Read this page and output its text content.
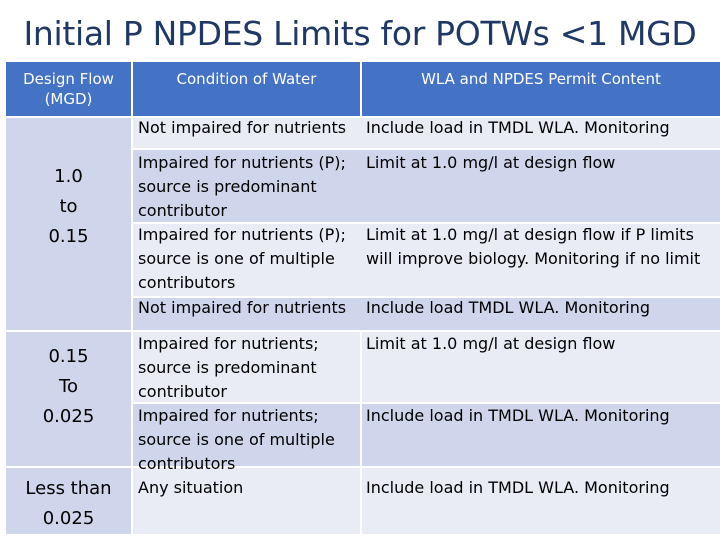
Initial P NPDES Limits for POTWs <1 MGD
Design Flow
(MGD)
Condition of Water	WLA and NPDES Permit Content
1.0
to
0.15
0.15
To
0.025
Less than
0.025
Not impaired for nutrients Include load in TMDL WLA. Monitoring
Impaired for nutrients (P);
source is predominant
contributor
Limit at 1.0 mg/l at design flow
Impaired for nutrients (P);
source is one of multiple
contributors
Limit at 1.0 mg/l at design flow if P limits
will improve biology. Monitoring if no limit
Not impaired for nutrients Include load TMDL WLA. Monitoring
Impaired for nutrients;
source is predominant
contributor
Limit at 1.0 mg/l at design flow
Impaired for nutrients;
source is one of multiple
contributors
Include load in TMDL WLA. Monitoring
Any situation	Include load in TMDL WLA. Monitoring
